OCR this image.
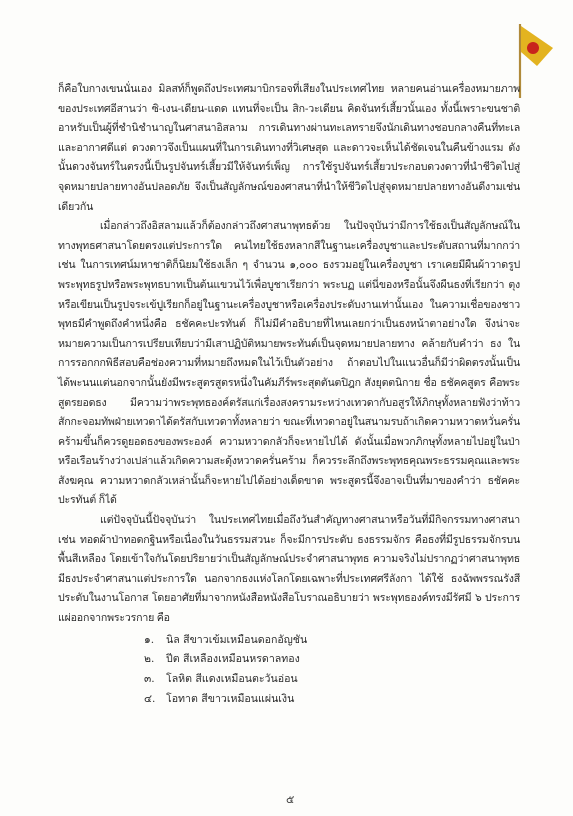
ก็คือใบกางเขนนั่นเอง มิลสท์ก็พูดถึงประเทศมาบิกรอจที่เสียงในประเทศไทย หลายคนอ่านเครื่องหมายภาพของประเทศอีสานว่า ซิ-เงน-เดียน-แดด แทนที่จะเป็น สิก-วะเดียน คิดจันทร์เสี้ยวนั้นเอง ทั้งนี้เพราะขนชาติอาหรับเป็นผู้ที่ชำนิชำนาญในศาสนาอิสลาม การเดินทางผ่านทะเลทรายจึงนักเดินทางชอบกลางคืนที่ทะเลและอากาศดีแต่ ดวงดาวจึงเป็นแผนที่ในการเดินทางที่วิเศษสุด และดาวจะเห็นได้ชัดเจนในคืนข้างแรม ดังนั้นดวงจันทร์ในตรงนี้เป็นรูปจันทร์เสี้ยวมีให้จันทร์เพ็ญ การใช้รูปจันทร์เสี้ยวประกอบดวงดาวที่นำชีวิตไปสู่จุดหมายปลายทางอันปลอดภัย จึงเป็นสัญลักษณ์ของศาสนาที่นำให้ชีวิตไปสู่จุดหมายปลายทางอันดีงามเช่นเดียวกัน

เมื่อกล่าวถึงอิสลามแล้วก็ต้องกล่าวถึงศาสนาพุทธด้วย ในปัจจุบันว่ามีการใช้ธงเป็นสัญลักษณ์ในทางพุทธศาสนาโดยตรงแต่ประการใด คนไทยใช้ธงหลากสีในฐานะเครื่องบูชาและประดับสถานที่มากกว่า เช่น ในการเทศน์มหาชาติก็นิยมใช้ธงเล็ก ๆ จำนวน ๑,๐๐๐ ธงรวมอยู่ในเครื่องบูชา เราเคยมีผืนผ้าวาดรูปพระพุทธรูปหรือพระพุทธบาทเป็นต้นแขวนไว้เพื่อบูชาเรียกว่า พระบฏ แต่นี่ของหรือนั้นจึงผืนธงที่เรียกว่า ตุง หรือเขียนเป็นรูปจระเข้ปูเรียกก็อยู่ในฐานะเครื่องบูชาหรือเครื่องประดับงานเท่านั้นเอง ในความเชื่อของชาวพุทธมีคำพูดถึงคำหนึ่งคือ ธชัคคะปะรทันต์ ก็ไม่มีคำอธิบายที่ไหนเลยกว่าเป็นธงหน้าตาอย่างใด จึงน่าจะหมายความเป็นการเปรียบเทียบว่ามีเสาปฏิบัติหมายพระทันต์เป็นจุดหมายปลายทาง คล้ายกับคำว่า ธง ในการรอกกกพิธีสอบคือช่องความที่หมายถึงหมดในไว้เป็นตัวอย่าง ถ้าตอบไปในแนวอื่นก็มีว่าผิดตรงนั้นเป็นได้พะนนแต่นอกจากนั้นยังมีพระสูตรสูตรหนึ่งในคัมภีร์พระสุตตันตปิฎก สังยุตตนิกาย ชื่อ ธชัคคสูตร คือพระสูตรยอดธง มีความว่าพระพุทธองค์ตรัสแก่เรื่องสงครามระหว่างเทวดากับอสูรให้ภิกษุทั้งหลายฟังว่าท้าวสักกะจอมทัพฝ่ายเทวดาได้ตรัสกับเทวดาทั้งหลายว่า ขณะที่เทวดาอยู่ในสนามรบถ้าเกิดความหวาดหวั่นครั่นคร้ามขึ้นก็ควรดูยอดธงของพระองค์ ความหวาดกลัวก็จะหายไปได้ ดังนั้นเมื่อพวกภิกษุทั้งหลายไปอยู่ในป่าหรือเรือนร้างว่างเปล่าแล้วเกิดความสะดุ้งหวาดครั่นคร้าม ก็ควรระลึกถึงพระพุทธคุณพระธรรมคุณและพระสังฆคุณ ความหวาดกลัวเหล่านั้นก็จะหายไปได้อย่างเด็ดขาด พระสูตรนี้จึงอาจเป็นที่มาของคำว่า ธชัคคะปะรทันต์ ก็ได้

แต่ปัจจุบันนี้ปัจจุบันว่า ในประเทศไทยเมื่อถึงวันสำคัญทางศาสนาหรือวันที่มีกิจกรรมทางศาสนา เช่น ทอดผ้าป่าทอดกฐินหรือเนื่องในวันธรรมสวนะ ก็จะมีการประดับ ธงธรรมจักร คือธงที่มีรูปธรรมจักรบนพื้นสีเหลือง โดยเข้าใจกันโดยปริยายว่าเป็นสัญลักษณ์ประจำศาสนาพุทธ ความจริงไม่ปรากฏว่าศาสนาพุทธมีธงประจำศาสนาแต่ประการใด นอกจากธงแห่งโลกโดยเฉพาะที่ประเทศศรีลังกา ได้ใช้ ธงฉัพพรรณรังสี ประดับในงานโอกาส โดยอาศัยที่มาจากหนังสือหนังสือโบราณอธิบายว่า พระพุทธองค์ทรงมีรัศมี ๖ ประการแผ่ออกจากพระวรกาย คือ

๑. นิล สีขาวเข้มเหมือนดอกอัญชัน
๒. ปีต สีเหลืองเหมือนหรดาลทอง
๓. โลหิต สีแดงเหมือนตะวันอ่อน
๔. โอทาต สีขาวเหมือนแผ่นเงิน
๕
